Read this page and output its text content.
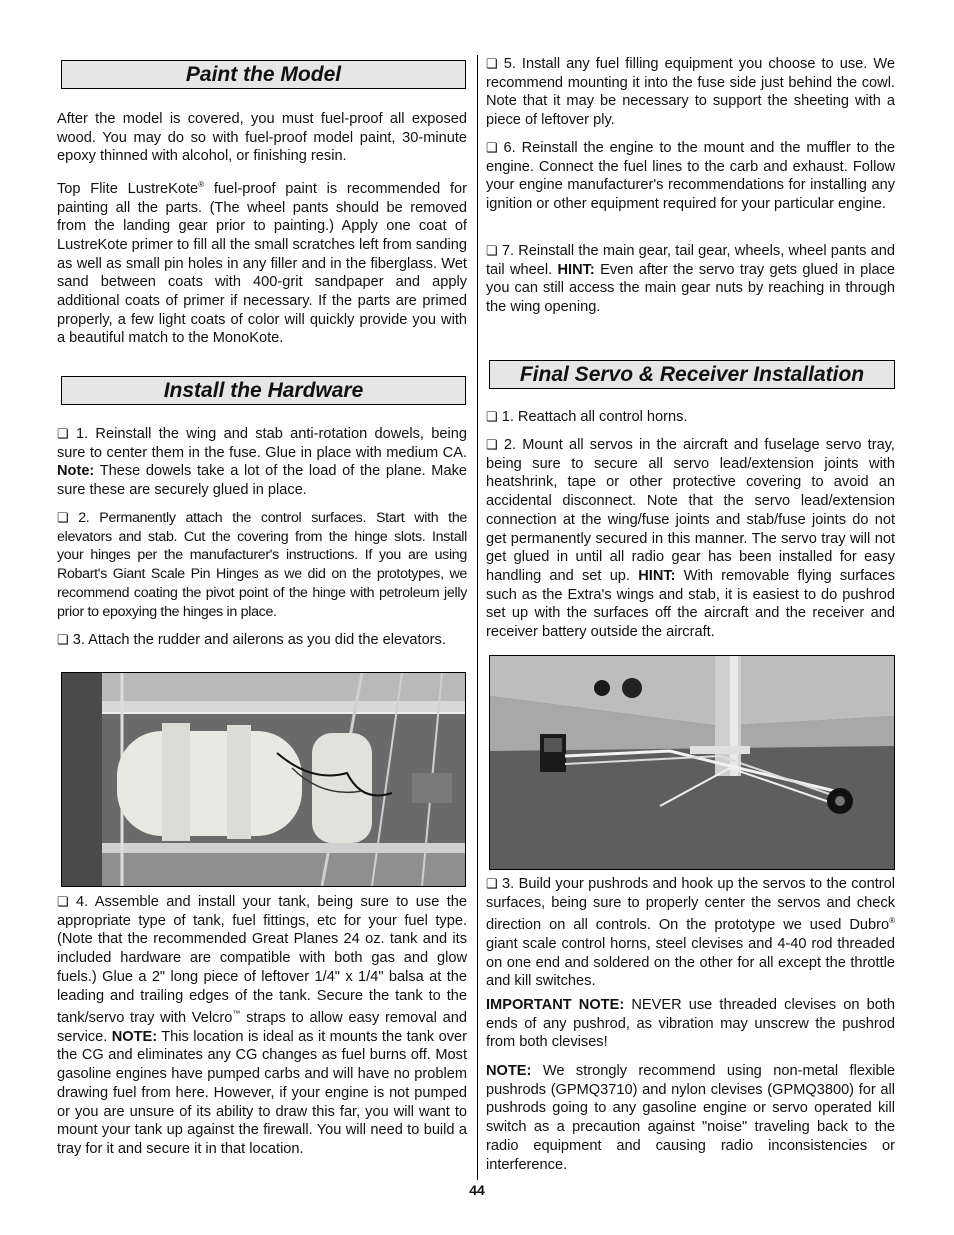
Paint the Model

After the model is covered, you must fuel-proof all exposed wood. You may do so with fuel-proof model paint, 30-minute epoxy thinned with alcohol, or finishing resin.

Top Flite LustreKote® fuel-proof paint is recommended for painting all the parts. (The wheel pants should be removed from the landing gear prior to painting.) Apply one coat of LustreKote primer to fill all the small scratches left from sanding as well as small pin holes in any filler and in the fiberglass. Wet sand between coats with 400-grit sandpaper and apply additional coats of primer if necessary. If the parts are primed properly, a few light coats of color will quickly provide you with a beautiful match to the MonoKote.

Install the Hardware

❏ 1. Reinstall the wing and stab anti-rotation dowels, being sure to center them in the fuse. Glue in place with medium CA. Note: These dowels take a lot of the load of the plane. Make sure these are securely glued in place.

❏ 2. Permanently attach the control surfaces. Start with the elevators and stab. Cut the covering from the hinge slots. Install your hinges per the manufacturer's instructions. If you are using Robart's Giant Scale Pin Hinges as we did on the prototypes, we recommend coating the pivot point of the hinge with petroleum jelly prior to epoxying the hinges in place.

❏ 3. Attach the rudder and ailerons as you did the elevators.

❏ 4. Assemble and install your tank, being sure to use the appropriate type of tank, fuel fittings, etc for your fuel type. (Note that the recommended Great Planes 24 oz. tank and its included hardware are compatible with both gas and glow fuels.) Glue a 2" long piece of leftover 1/4" x 1/4" balsa at the leading and trailing edges of the tank. Secure the tank to the tank/servo tray with Velcro™ straps to allow easy removal and service. NOTE: This location is ideal as it mounts the tank over the CG and eliminates any CG changes as fuel burns off. Most gasoline engines have pumped carbs and will have no problem drawing fuel from here. However, if your engine is not pumped or you are unsure of its ability to draw this far, you will want to mount your tank up against the firewall. You will need to build a tray for it and secure it in that location.

❏ 5. Install any fuel filling equipment you choose to use. We recommend mounting it into the fuse side just behind the cowl. Note that it may be necessary to support the sheeting with a piece of leftover ply.

❏ 6. Reinstall the engine to the mount and the muffler to the engine. Connect the fuel lines to the carb and exhaust. Follow your engine manufacturer's recommendations for installing any ignition or other equipment required for your particular engine.

❏ 7. Reinstall the main gear, tail gear, wheels, wheel pants and tail wheel. HINT: Even after the servo tray gets glued in place you can still access the main gear nuts by reaching in through the wing opening.

Final Servo & Receiver Installation

❏ 1. Reattach all control horns.

❏ 2. Mount all servos in the aircraft and fuselage servo tray, being sure to secure all servo lead/extension joints with heatshrink, tape or other protective covering to avoid an accidental disconnect. Note that the servo lead/extension connection at the wing/fuse joints and stab/fuse joints do not get permanently secured in this manner. The servo tray will not get glued in until all radio gear has been installed for easy handling and set up. HINT: With removable flying surfaces such as the Extra's wings and stab, it is easiest to do pushrod set up with the surfaces off the aircraft and the receiver and receiver battery outside the aircraft.

❏ 3. Build your pushrods and hook up the servos to the control surfaces, being sure to properly center the servos and check direction on all controls. On the prototype we used Dubro® giant scale control horns, steel clevises and 4-40 rod threaded on one end and soldered on the other for all except the throttle and kill switches.

IMPORTANT NOTE: NEVER use threaded clevises on both ends of any pushrod, as vibration may unscrew the pushrod from both clevises!

NOTE: We strongly recommend using non-metal flexible pushrods (GPMQ3710) and nylon clevises (GPMQ3800) for all pushrods going to any gasoline engine or servo operated kill switch as a precaution against "noise" traveling back to the radio equipment and causing radio inconsistencies or interference.

44
